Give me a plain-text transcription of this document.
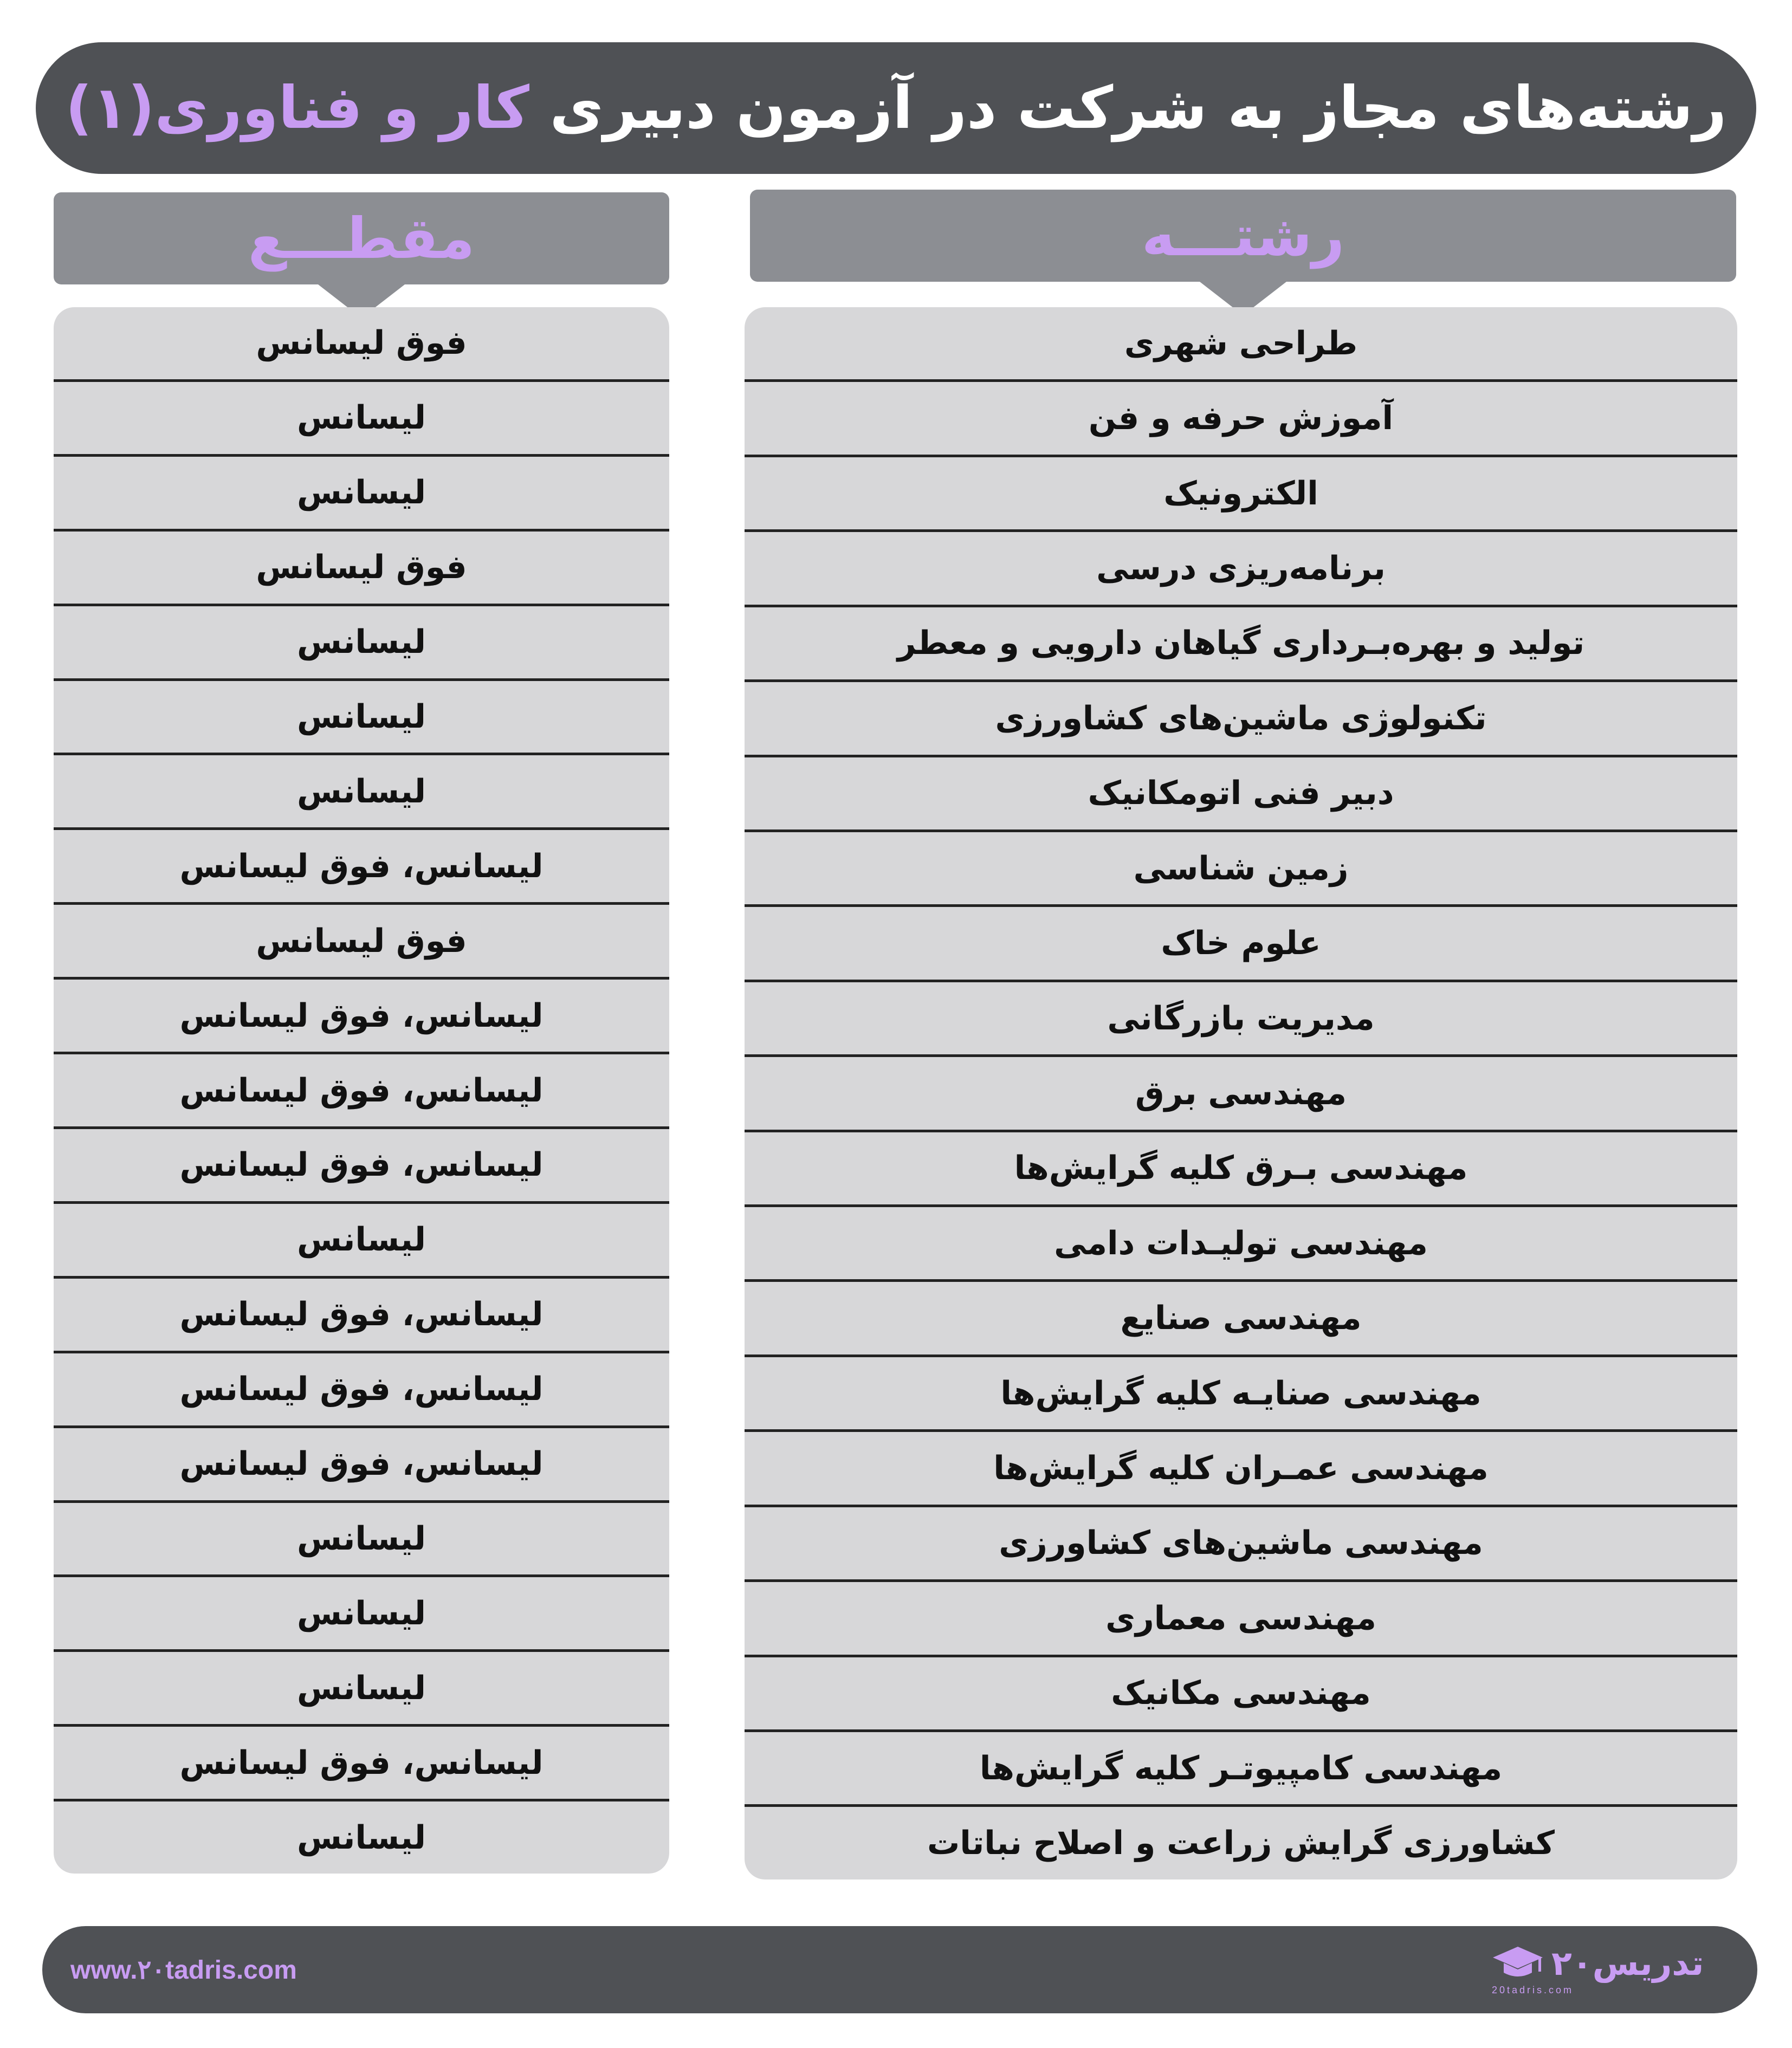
رشته‌های مجاز به شرکت در آزمون دبیری کار و فناوری(۱)
رشتـــه
مقطـــع
طراحی شهری
آموزش حرفه و فن
الکترونیک
برنامه‌ریزی درسی
تولید و بهره‌بـرداری گیاهان دارویی و معطر
تکنولوژی ماشین‌های کشاورزی
دبیر فنی اتومکانیک
زمین شناسی
علوم خاک
مدیریت بازرگانی
مهندسی برق
مهندسی بـرق کلیه گرایش‌ها
مهندسی تولیـدات دامی
مهندسی صنایع
مهندسی صنایـه کلیه گرایش‌ها
مهندسی عمـران کلیه گرایش‌ها
مهندسی ماشین‌های کشاورزی
مهندسی معماری
مهندسی مکانیک
مهندسی کامپیوتـر کلیه گرایش‌ها
کشاورزی گرایش زراعت و اصلاح نباتات
فوق لیسانس
لیسانس
لیسانس
فوق لیسانس
لیسانس
لیسانس
لیسانس
لیسانس، فوق لیسانس
فوق لیسانس
لیسانس، فوق لیسانس
لیسانس، فوق لیسانس
لیسانس، فوق لیسانس
لیسانس
لیسانس، فوق لیسانس
لیسانس، فوق لیسانس
لیسانس، فوق لیسانس
لیسانس
لیسانس
لیسانس
لیسانس، فوق لیسانس
لیسانس
www.۲۰tadris.com	۲۰تدریس
20tadris.com
